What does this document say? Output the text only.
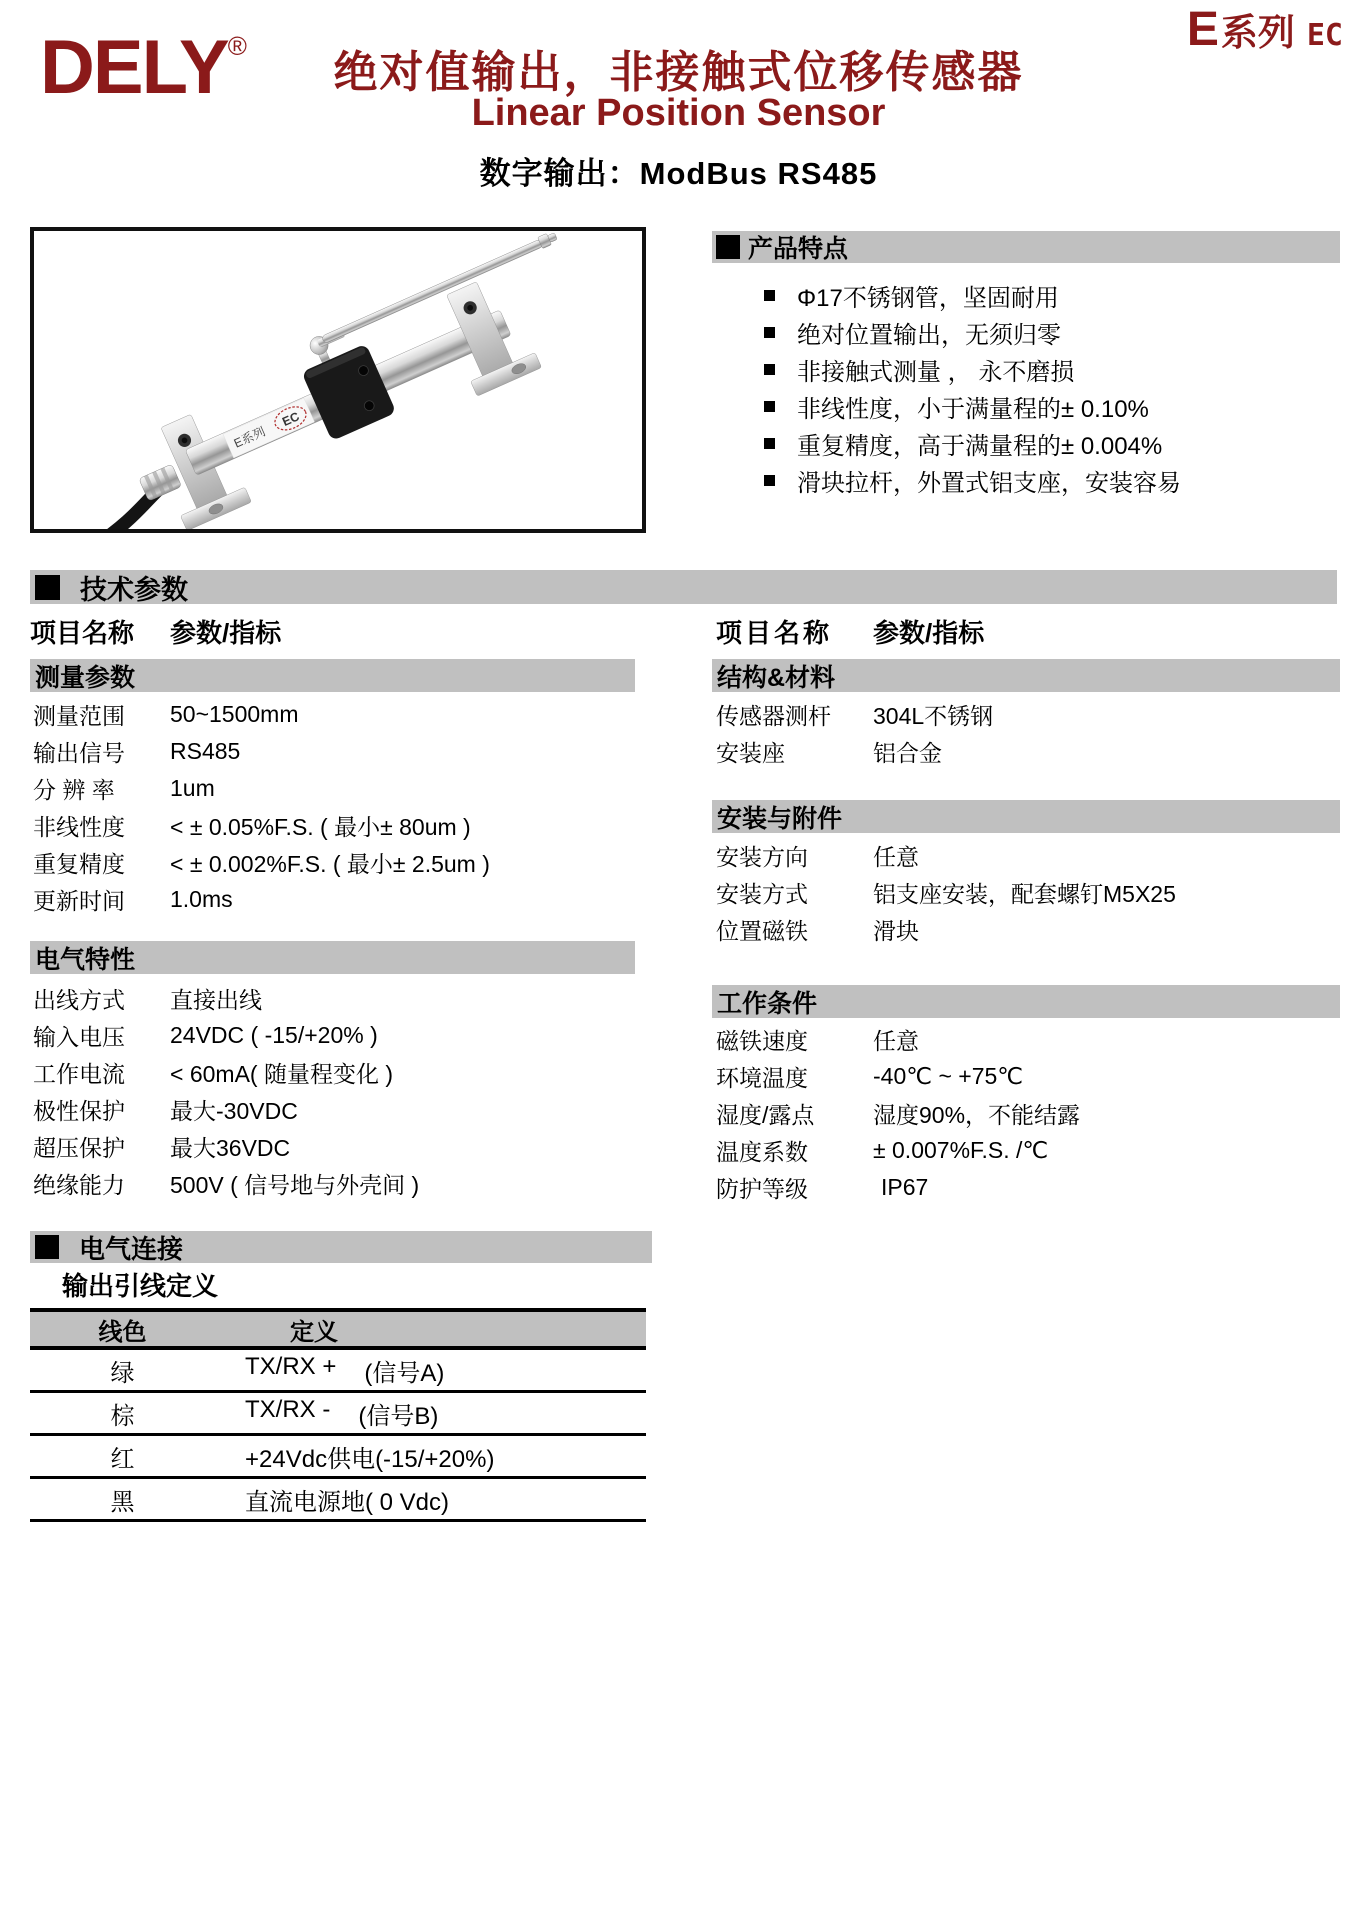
DELY®	E 系列 EC
绝对值输出，非接触式位移传感器
Linear Position Sensor
数字输出：ModBus RS485
E系列
EC
产品特点
Φ17不锈钢管，坚固耐用
绝对位置输出，无须归零
非接触式测量 ， 永不磨损
非线性度，小于满量程的± 0.10%
重复精度，高于满量程的± 0.004%
滑块拉杆，外置式铝支座，安装容易
技术参数
项目名称	参数/指标	项目名称	参数/指标
测量参数
测量范围	50~1500mm
输出信号	RS485
分 辨 率	1um
非线性度	< ± 0.05%F.S. ( 最小± 80um )
重复精度	< ± 0.002%F.S. ( 最小± 2.5um )
更新时间	1.0ms
电气特性
出线方式	直接出线
输入电压	24VDC ( -15/+20% )
工作电流	< 60mA( 随量程变化 )
极性保护	最大-30VDC
超压保护	最大36VDC
绝缘能力	500V ( 信号地与外壳间 )
结构&材料
传感器测杆	304L不锈钢
安装座	铝合金
安装与附件
安装方向	任意
安装方式	铝支座安装，配套螺钉M5X25
位置磁铁	滑块
工作条件
磁铁速度	任意
环境温度	-40℃ ~ +75℃
湿度/露点	湿度90%，不能结露
温度系数	± 0.007%F.S. /℃
防护等级	IP67
电气连接
输出引线定义
线色	定义
绿	TX/RX + (信号A)
棕	TX/RX - (信号B)
红	+24Vdc供电(-15/+20%)
黑	直流电源地( 0 Vdc)
